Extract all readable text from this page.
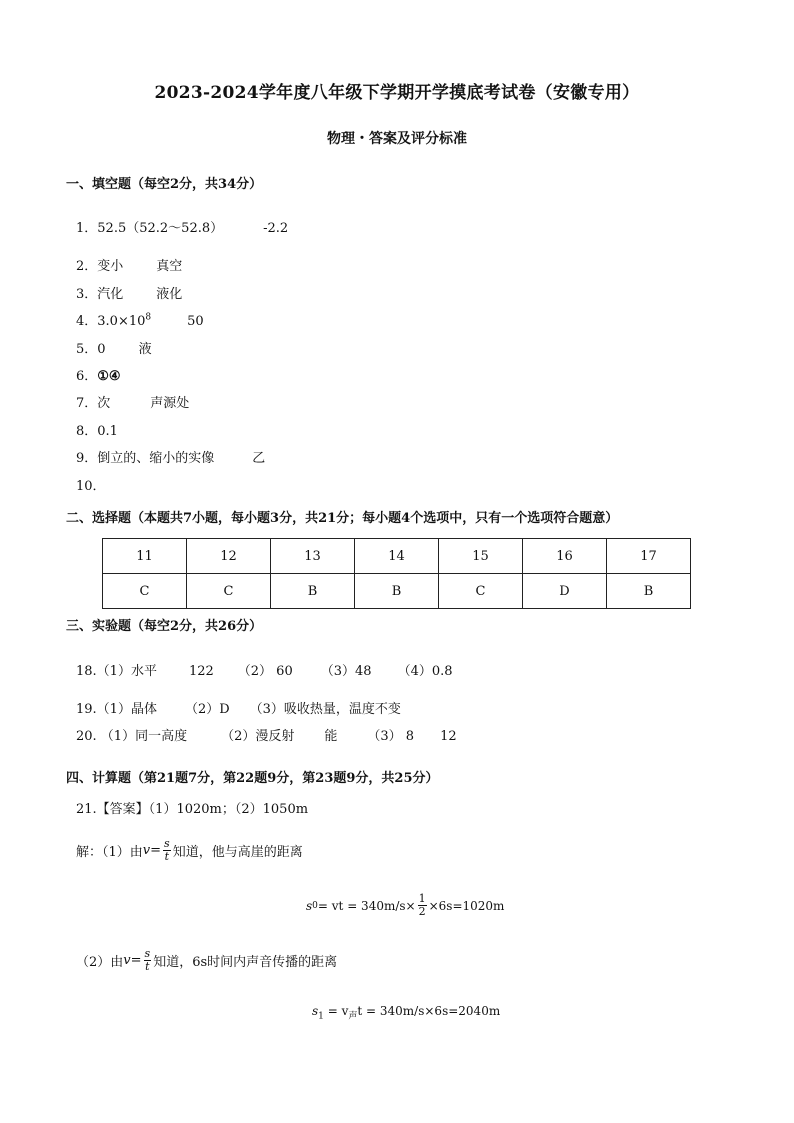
2023-2024学年度八年级下学期开学摸底考试卷（安徽专用）
物理・答案及评分标准
一、填空题（每空2分，共34分）
1．52.5（52.2～52.8）	-2.2
2．变小	真空
3．汽化	液化
4．$3.0\times 10^8$	50
5．0	液
6．①④
7．次	声源处
8．0.1
9．倒立的、缩小的实像	乙
10．
二、选择题（本题共7小题，每小题3分，共21分；每小题4个选项中，只有一个选项符合题意）
11	12	13	14	15	16	17
C	C	B	B	C	D	B
三、实验题（每空2分，共26分）
18.（1）水平 122 （2） 60 （3）48 （4）0.8
19.（1）晶体 （2）D （3）吸收热量，温度不变
20. （1）同一高度	（2）漫反射 能 （3） 8 12
四、计算题（第21题7分，第22题9分，第23题9分，共25分）
21.【答案】（1）1020m；（2）1050m
解：（1）由 $v = \frac{s}{t}$ 知道，他与高崖的距离
s 0 = vt = $340m/s\times \frac{1}{2} \times 6s=1020m$
（2）由 $v = \frac{s}{t}$ 知道，6s时间内声音传播的距离
$s_1 = v_声t = 340m/s\times 6s=2040m$
